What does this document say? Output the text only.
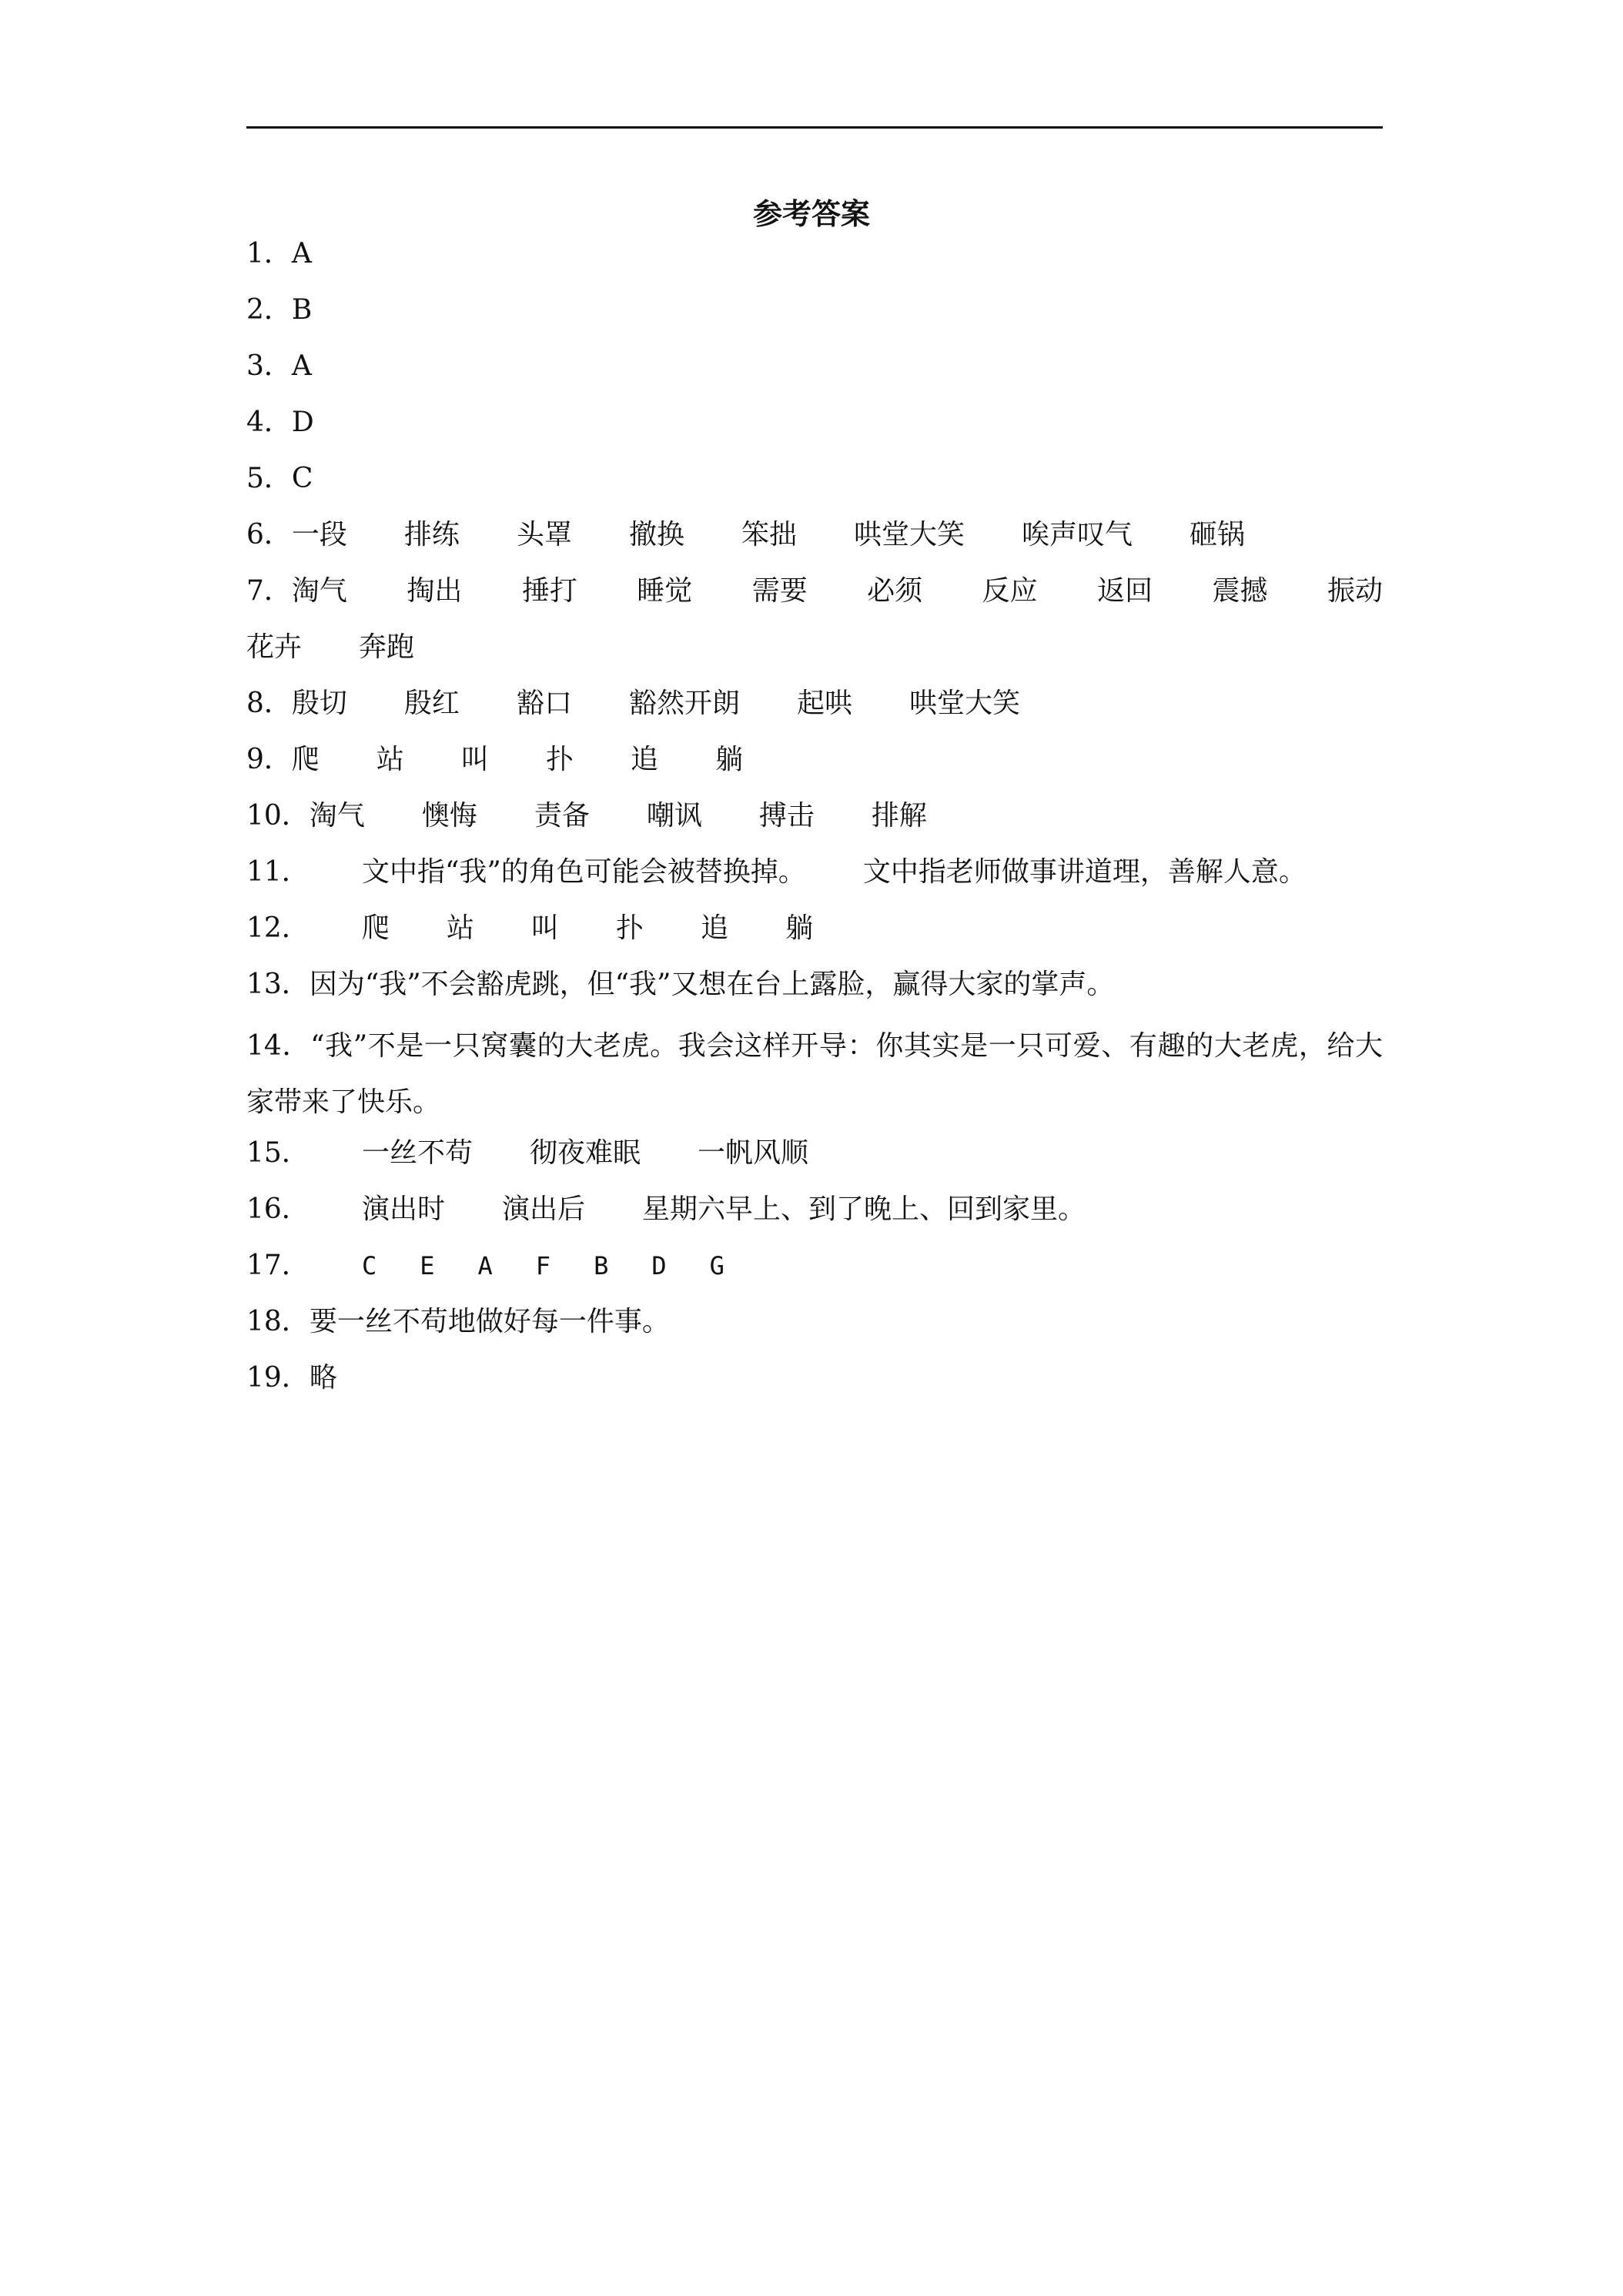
参考答案
1． A
2． B
3． A
4． D
5． C
6． 一段 排练 头罩 撤换 笨拙 哄堂大笑 唉声叹气 砸锅
7．淘气 掏出 捶打 睡觉 需要 必须 反应 返回 震撼 振动
花卉 奔跑
8． 殷切 殷红 豁口 豁然开朗 起哄 哄堂大笑
9． 爬 站 叫 扑 追 躺
10． 淘气 懊悔 责备 嘲讽 搏击 排解
11．	文中指“我”的角色可能会被替换掉。 文中指老师做事讲道理，善解人意。
12．	爬 站 叫 扑 追 躺
13． 因为“我”不会豁虎跳，但“我”又想在台上露脸，赢得大家的掌声。
14．“我”不是一只窝囊的大老虎。我会这样开导：你其实是一只可爱、有趣的大老虎，给大家带来了快乐。
15．	一丝不苟 彻夜难眠 一帆风顺
16．	演出时 演出后 星期六早上、到了晚上、回到家里。
17．	C E A F B D G
18． 要一丝不苟地做好每一件事。
19． 略
